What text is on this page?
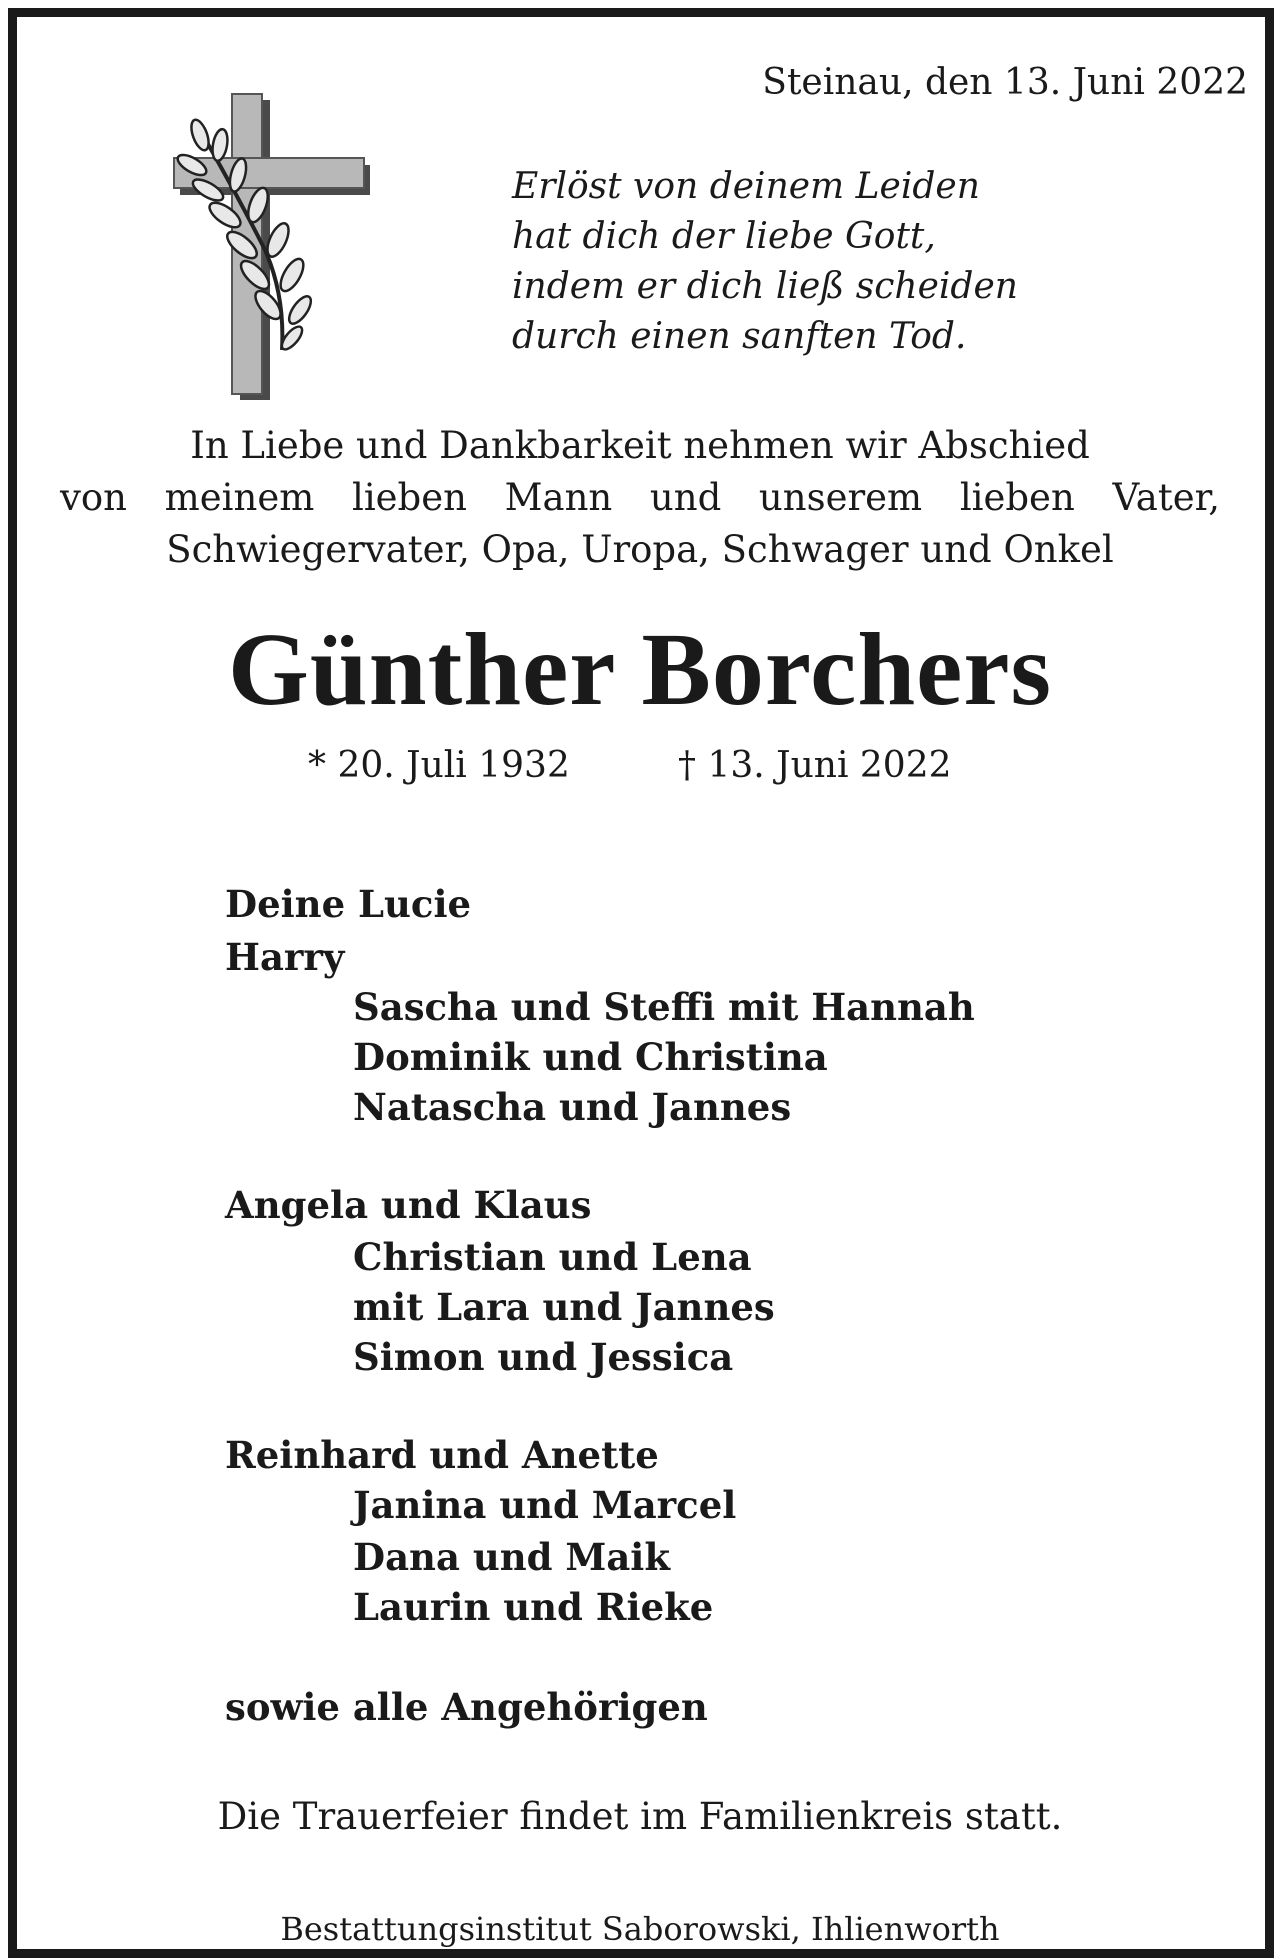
Steinau, den 13. Juni 2022
Erlöst von deinem Leiden
hat dich der liebe Gott,
indem er dich ließ scheiden
durch einen sanften Tod.
In Liebe und Dankbarkeit nehmen wir Abschied
von meinem lieben Mann und unserem lieben Vater,
Schwiegervater, Opa, Uropa, Schwager und Onkel
Günther Borchers
* 20. Juli 1932	† 13. Juni 2022
Deine Lucie
Harry
Sascha und Steffi mit Hannah
Dominik und Christina
Natascha und Jannes
Angela und Klaus
Christian und Lena
mit Lara und Jannes
Simon und Jessica
Reinhard und Anette
Janina und Marcel
Dana und Maik
Laurin und Rieke
sowie alle Angehörigen
Die Trauerfeier findet im Familienkreis statt.
Bestattungsinstitut Saborowski, Ihlienworth
